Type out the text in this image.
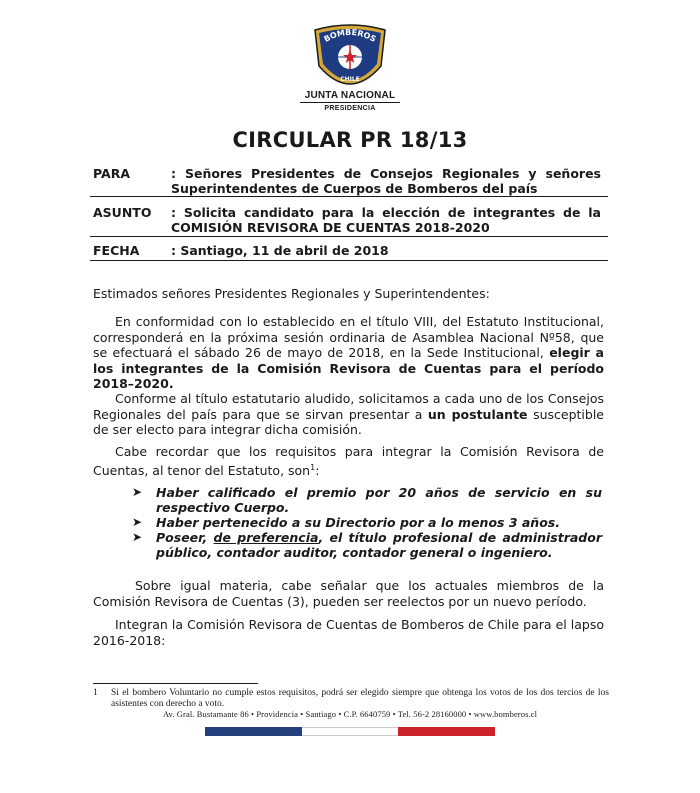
BOMBEROS
CHILE
JUNTA NACIONAL
PRESIDENCIA
CIRCULAR PR 18/13
PARA	: Señores Presidentes de Consejos Regionales y señores Superintendentes de Cuerpos de Bomberos del país
ASUNTO : Solicita candidato para la elección de integrantes de la COMISIÓN REVISORA DE CUENTAS 2018-2020
FECHA	: Santiago, 11 de abril de 2018

Estimados señores Presidentes Regionales y Superintendentes:

En conformidad con lo establecido en el título VIII, del Estatuto Institucional, corresponderá en la próxima sesión ordinaria de Asamblea Nacional Nº58, que se efectuará el sábado 26 de mayo de 2018, en la Sede Institucional, elegir a los integrantes de la Comisión Revisora de Cuentas para el período 2018–2020.

Conforme al título estatutario aludido, solicitamos a cada uno de los Consejos Regionales del país para que se sirvan presentar a un postulante susceptible de ser electo para integrar dicha comisión.

Cabe recordar que los requisitos para integrar la Comisión Revisora de Cuentas, al tenor del Estatuto, son$^1$:

➤ Haber calificado el premio por 20 años de servicio en su respectivo Cuerpo.
➤ Haber pertenecido a su Directorio por a lo menos 3 años.
➤ Poseer, de preferencia, el título profesional de administrador público, contador auditor, contador general o ingeniero.

Sobre igual materia, cabe señalar que los actuales miembros de la Comisión Revisora de Cuentas (3), pueden ser reelectos por un nuevo período.

Integran la Comisión Revisora de Cuentas de Bomberos de Chile para el lapso 2016-2018:

1 Si el bombero Voluntario no cumple estos requisitos, podrá ser elegido siempre que obtenga los votos de los dos tercios de los asistentes con derecho a voto.
Av. Gral. Bustamante 86 • Providencia • Santiago • C.P. 6640759 • Tel. 56-2 28160000 • www.bomberos.cl
